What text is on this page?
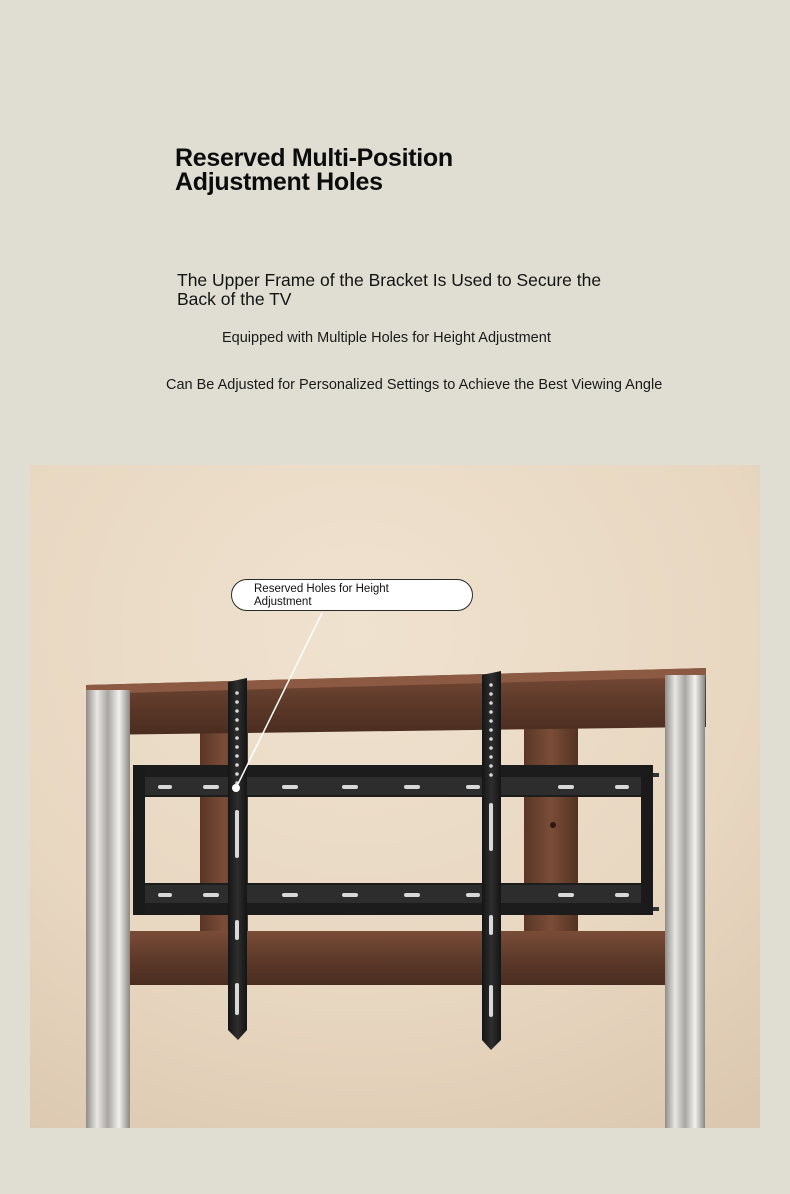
Reserved Multi-Position
Adjustment Holes
The Upper Frame of the Bracket Is Used to Secure the
Back of the TV
Equipped with Multiple Holes for Height Adjustment
Can Be Adjusted for Personalized Settings to Achieve the Best Viewing Angle
Reserved Holes for Height
Adjustment
